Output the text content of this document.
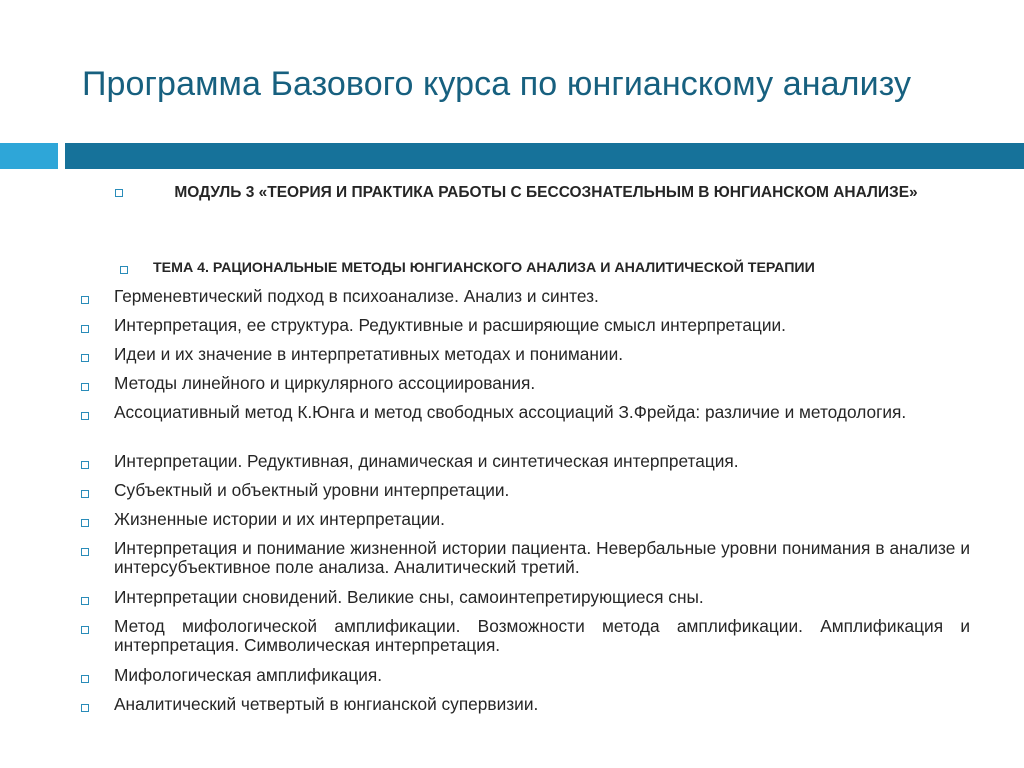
Программа Базового курса по юнгианскому анализу
МОДУЛЬ 3 «ТЕОРИЯ И ПРАКТИКА РАБОТЫ С БЕССОЗНАТЕЛЬНЫМ В ЮНГИАНСКОМ АНАЛИЗЕ»
ТЕМА 4. РАЦИОНАЛЬНЫЕ МЕТОДЫ ЮНГИАНСКОГО АНАЛИЗА И АНАЛИТИЧЕСКОЙ ТЕРАПИИ
Герменевтический подход в психоанализе. Анализ и синтез.
Интерпретация, ее структура. Редуктивные и расширяющие смысл интерпретации.
Идеи и их значение в интерпретативных методах и понимании.
Методы линейного и циркулярного ассоциирования.
Ассоциативный метод К.Юнга и метод свободных ассоциаций З.Фрейда: различие и методология.
Интерпретации. Редуктивная, динамическая и синтетическая интерпретация.
Субъектный и объектный уровни интерпретации.
Жизненные истории и их интерпретации.
Интерпретация и понимание жизненной истории пациента. Невербальные уровни понимания в анализе и интерсубъективное поле анализа. Аналитический третий.
Интерпретации сновидений. Великие сны, самоинтепретирующиеся сны.
Метод мифологической амплификации. Возможности метода амплификации. Амплификация и интерпретация. Символическая интерпретация.
Мифологическая амплификация.
Аналитический четвертый в юнгианской супервизии.
